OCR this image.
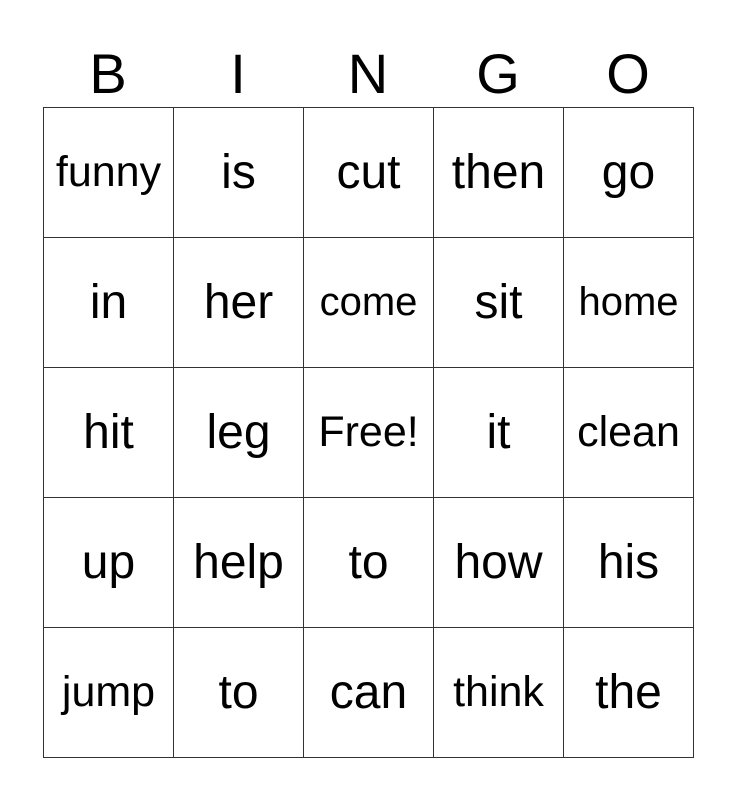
B	I	N	G	O
funny	is	cut	then	go
in	her	come	sit	home
hit	leg	Free!	it	clean
up	help	to	how	his
jump	to	can	think	the
